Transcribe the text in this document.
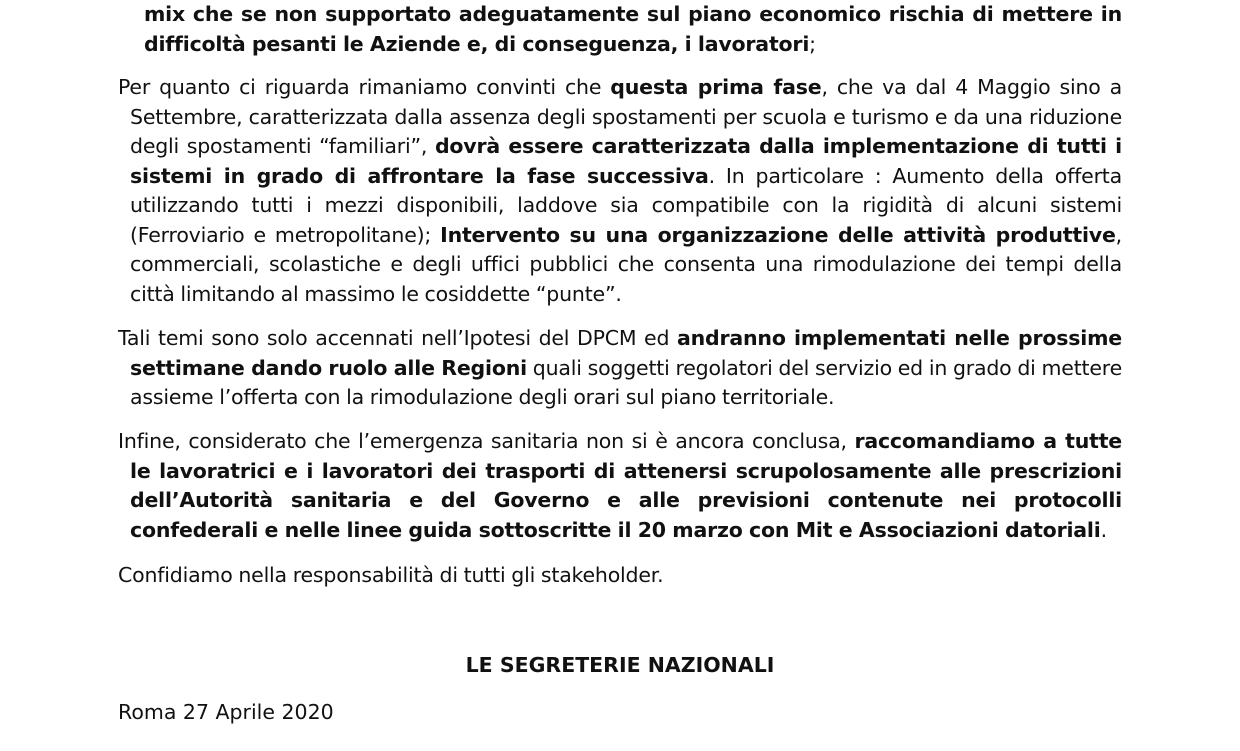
mix che se non supportato adeguatamente sul piano economico rischia di mettere in difficoltà pesanti le Aziende e, di conseguenza, i lavoratori;
Per quanto ci riguarda rimaniamo convinti che questa prima fase, che va dal 4 Maggio sino a Settembre, caratterizzata dalla assenza degli spostamenti per scuola e turismo e da una riduzione degli spostamenti “familiari”, dovrà essere caratterizzata dalla implementazione di tutti i sistemi in grado di affrontare la fase successiva. In particolare : Aumento della offerta utilizzando tutti i mezzi disponibili, laddove sia compatibile con la rigidità di alcuni sistemi (Ferroviario e metropolitane); Intervento su una organizzazione delle attività produttive, commerciali, scolastiche e degli uffici pubblici che consenta una rimodulazione dei tempi della città limitando al massimo le cosiddette “punte”.
Tali temi sono solo accennati nell’Ipotesi del DPCM ed andranno implementati nelle prossime settimane dando ruolo alle Regioni quali soggetti regolatori del servizio ed in grado di mettere assieme l’offerta con la rimodulazione degli orari sul piano territoriale.
Infine, considerato che l’emergenza sanitaria non si è ancora conclusa, raccomandiamo a tutte le lavoratrici e i lavoratori dei trasporti di attenersi scrupolosamente alle prescrizioni dell’Autorità sanitaria e del Governo e alle previsioni contenute nei protocolli confederali e nelle linee guida sottoscritte il 20 marzo con Mit e Associazioni datoriali.
Confidiamo nella responsabilità di tutti gli stakeholder.
LE SEGRETERIE NAZIONALI
Roma 27 Aprile 2020
